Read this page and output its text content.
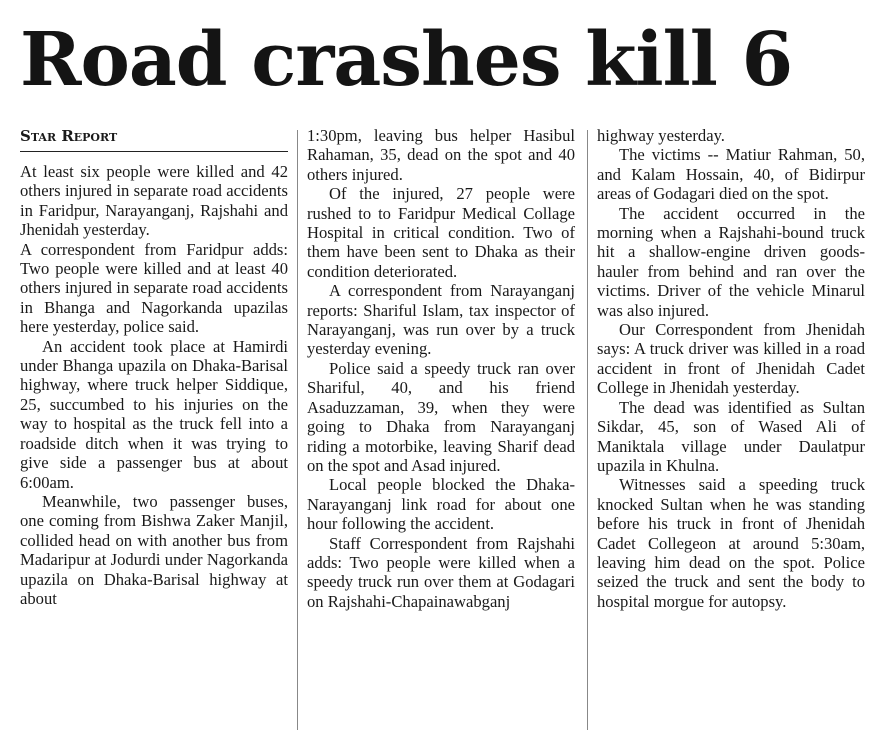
Road crashes kill 6
Star Report

At least six people were killed and 42 others injured in separate road accidents in Faridpur, Narayanganj, Rajshahi and Jhenidah yesterday.

A correspondent from Faridpur adds: Two people were killed and at least 40 others injured in separate road accidents in Bhanga and Nagorkanda upazilas here yesterday, police said.

An accident took place at Hamirdi under Bhanga upazila on Dhaka-Barisal highway, where truck helper Siddique, 25, succumbed to his injuries on the way to hospital as the truck fell into a roadside ditch when it was trying to give side a passenger bus at about 6:00am.

Meanwhile, two passenger buses, one coming from Bishwa Zaker Manjil, collided head on with another bus from Madaripur at Jodurdi under Nagorkanda upazila on Dhaka-Barisal highway at about

1:30pm, leaving bus helper Hasibul Rahaman, 35, dead on the spot and 40 others injured.

Of the injured, 27 people were rushed to to Faridpur Medical Collage Hospital in critical condition. Two of them have been sent to Dhaka as their condition deteriorated.

A correspondent from Narayanganj reports: Shariful Islam, tax inspector of Narayanganj, was run over by a truck yesterday evening.

Police said a speedy truck ran over Shariful, 40, and his friend Asaduzzaman, 39, when they were going to Dhaka from Narayanganj riding a motorbike, leaving Sharif dead on the spot and Asad injured.

Local people blocked the Dhaka-Narayanganj link road for about one hour following the accident.

Staff Correspondent from Rajshahi adds: Two people were killed when a speedy truck run over them at Godagari on Rajshahi-Chapainawabganj

highway yesterday.

The victims -- Matiur Rahman, 50, and Kalam Hossain, 40, of Bidirpur areas of Godagari died on the spot.

The accident occurred in the morning when a Rajshahi-bound truck hit a shallow-engine driven goods-hauler from behind and ran over the victims. Driver of the vehicle Minarul was also injured.

Our Correspondent from Jhenidah says: A truck driver was killed in a road accident in front of Jhenidah Cadet College in Jhenidah yesterday.

The dead was identified as Sultan Sikdar, 45, son of Wased Ali of Maniktala village under Daulatpur upazila in Khulna.

Witnesses said a speeding truck knocked Sultan when he was standing before his truck in front of Jhenidah Cadet Collegeon at around 5:30am, leaving him dead on the spot. Police seized the truck and sent the body to hospital morgue for autopsy.
